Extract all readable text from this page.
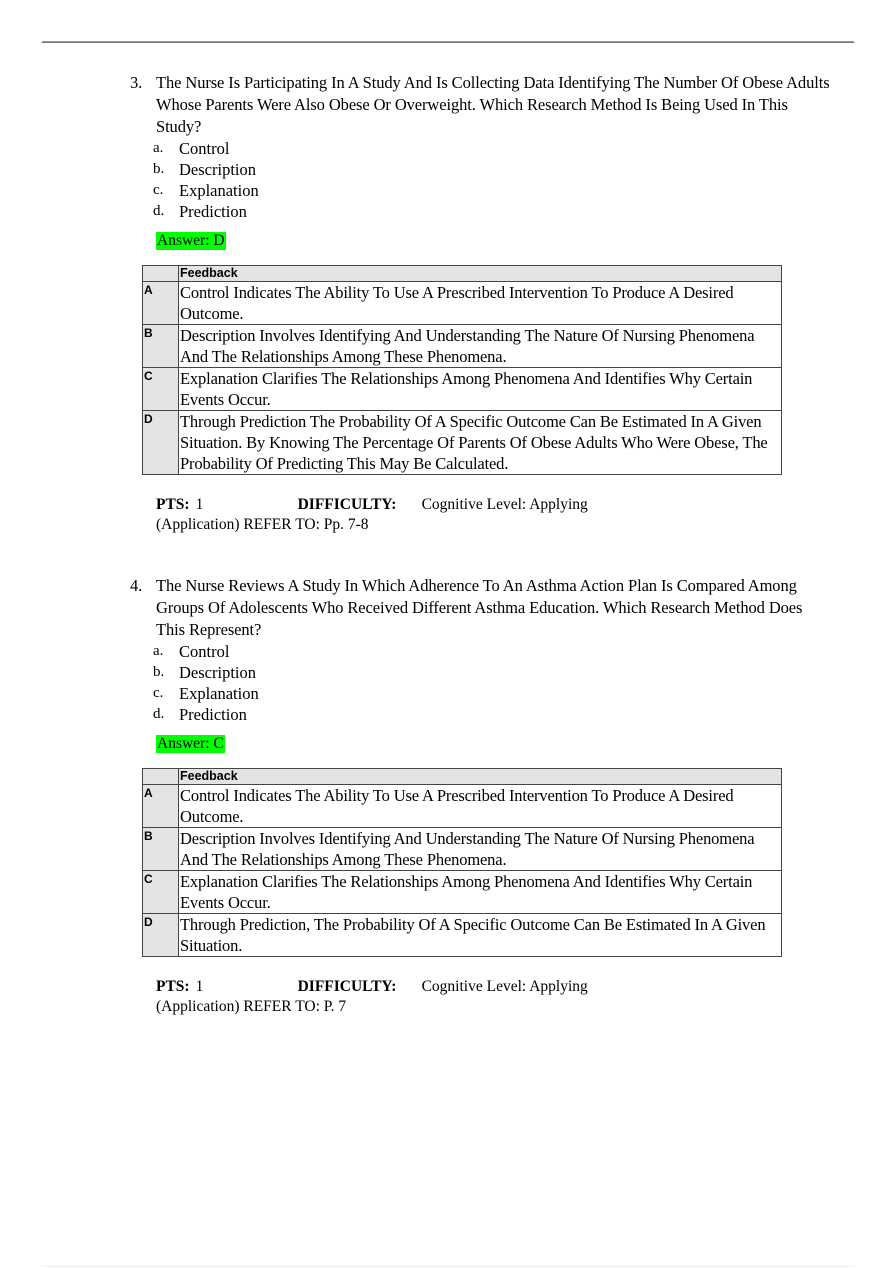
3. The Nurse Is Participating In A Study And Is Collecting Data Identifying The Number Of Obese Adults Whose Parents Were Also Obese Or Overweight. Which Research Method Is Being Used In This Study?
a. Control
b. Description
c. Explanation
d. Prediction
Answer: D
	Feedback
A	Control Indicates The Ability To Use A Prescribed Intervention To Produce A Desired Outcome.
B	Description Involves Identifying And Understanding The Nature Of Nursing Phenomena And The Relationships Among These Phenomena.
C	Explanation Clarifies The Relationships Among Phenomena And Identifies Why Certain Events Occur.
D	Through Prediction The Probability Of A Specific Outcome Can Be Estimated In A Given Situation. By Knowing The Percentage Of Parents Of Obese Adults Who Were Obese, The Probability Of Predicting This May Be Calculated.
PTS: 1	DIFFICULTY: Cognitive Level: Applying
(Application) REFER TO: Pp. 7-8
4. The Nurse Reviews A Study In Which Adherence To An Asthma Action Plan Is Compared Among Groups Of Adolescents Who Received Different Asthma Education. Which Research Method Does This Represent?
a. Control
b. Description
c. Explanation
d. Prediction
Answer: C
	Feedback
A	Control Indicates The Ability To Use A Prescribed Intervention To Produce A Desired Outcome.
B	Description Involves Identifying And Understanding The Nature Of Nursing Phenomena And The Relationships Among These Phenomena.
C	Explanation Clarifies The Relationships Among Phenomena And Identifies Why Certain Events Occur.
D	Through Prediction, The Probability Of A Specific Outcome Can Be Estimated In A Given Situation.
PTS: 1	DIFFICULTY: Cognitive Level: Applying
(Application) REFER TO: P. 7
